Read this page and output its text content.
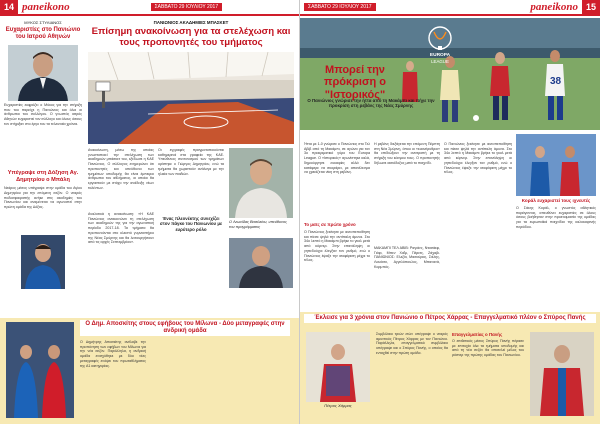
14 paneikono	ΣΑΒΒΑΤΟ 29 ΙΟΥΛΙΟΥ 2017
ΜΥΚΟΣ ΣΤΥΛΙΑΝΟΣ
Ευχαριστίες στο Πανιώνιο του Ιατρού Αθηνών
Ευχαριστίες εκφράζει ο Μύκος για την στήριξη που του παρείχε η Πανιώνιος και όλοι οι άνθρωποι του συλλόγου. Ο γνωστός ιατρός Αθηνών ευχαριστεί τον σύλλογο και όλους όσους τον στήριξαν στο έργο του τα τελευταία χρόνια.
Υπέγραψε στη Δόξηση Αγ. Δημητρίου ο Μπάλη
Νεάρος μέσος υπέγραψε στην ομάδα του Αγίου Δημητρίου για την επόμενη σεζόν. Ο νεαρός ποδοσφαιριστής ανήκε στις ακαδημίες του Πανιωνίου και αναμένεται να αγωνιστεί στην πρώτη ομάδα της Δόξας.
ΠΑΝΙΩΝΙΟΣ ΑΚΑΔΗΜΙΕΣ ΜΠΑΣΚΕΤ
Επίσημη ανακοίνωση για τα στελέχωση και τους προπονητές του τμήματος
Ανακοίνωση, μέσω της οποίας γνωστοποιεί την στελέχωση των ακαδημιών μπάσκετ του, εξέδωσε η ΚΑΕ Πανιώνιος. Ο σύλλογος ενημερώνει ότι προπονητές και υπεύθυνοι των τμημάτων υποδομής θα είναι έμπειροι άνθρωποι του αθλήματος, οι οποίοι θα εργαστούν με στόχο την ανάδειξη νέων ταλέντων.
Αναλυτικά η ανακοίνωση: «Η ΚΑΕ Πανιώνιος ανακοινώνει τη στελέχωση των ακαδημιών της για την αγωνιστική περίοδο 2017-18. Τα τμήματα θα προπονούνται στο κλειστό γυμναστήριο της Νέας Σμύρνης και θα λειτουργήσουν από τις αρχές Σεπτεμβρίου».
Οι εγγραφές πραγματοποιούνται καθημερινά στα γραφεία της ΚΑΕ. Υπεύθυνος συντονισμού των τμημάτων ορίστηκε ο Γιώργος Δημητρίου, ενώ τα τμήματα θα χωριστούν ανάλογα με την ηλικία των παιδιών.
Ένας πλεονέκτης συνεχίζει στον πάγκο του Πανιωνίου με ευρύτερο ρόλο
Ο Λεωνίδας Βασιλείου, υπεύθυνος του προγράμματος
Ο Δημ. Αποσκίτης στους εφήβους του Μίλωνα - Δύο μεταγραφές στην ανδρική ομάδα
Ο Δημήτρης Αποσκίτης ανέλαβε την προπόνηση των εφήβων του Μίλωνα για την νέα σεζόν. Παράλληλα, η ανδρική ομάδα ενισχύθηκε με δύο νέες μεταγραφές ενόψει του πρωταθλήματος της Α1 κατηγορίας.
ΣΑΒΒΑΤΟ 29 ΙΟΥΛΙΟΥ 2017	paneikono 15
38
EUROPA
LEAGUE
Μπορεί την πρόκριση ο "Ιστορικός"
Ο Πανιώνιος γνώρισε την ήττα από τη Μακάμπι και πήγε την προκρίση στη ρεβάνς της Νέας Σμύρνης
Ήττα με 1-0 γνώρισε ο Πανιώνιος στο Τελ Αβίβ από τη Μακάμπι, σε αγώνα για τον 3ο προκριματικό γύρο του Europa League. Ο «Ιστορικός» αγωνίστηκε καλά, δημιούργησε ευκαιρίες αλλά δεν κατάφερε να σκοράρει, με αποτέλεσμα να χρειάζεται νίκη στη ρεβάνς.
Το ματς σε πρώτο χρόνο
Ο Πανιώνιος ξεκίνησε με αυτοπεποίθηση και πίεσε ψηλά την αντίπαλη άμυνα. Στο 34ο λεπτό η Μακάμπι βρήκε το γκολ μετά από κόρνερ. Στην επανάληψη οι γηπεδούχοι έλεγξαν τον ρυθμό, ενώ ο Πανιώνιος έψαξε την ισοφάριση μέχρι το τέλος.
Η ρεβάνς διεξάγεται την επόμενη Πέμπτη στη Νέα Σμύρνη, όπου οι «κυανέρυθροι» θα επιδιώξουν την ανατροπή με τη στήριξη του κόσμου τους. Ο προπονητής δήλωσε αισιόδοξος μετά το παιχνίδι.
ΜΑΚΑΜΠΙ ΤΕΛ ΑΒΙΒ: Ραγιάνς, Ντασάεφ, Γιάιρ, Μπεν Χαΐμ, Πέρετς, Ζάχαβι. ΠΑΝΙΩΝΙΟΣ: Ελεζάι, Μασούρας, Σιέλης, Λουάσα, Αγγελόπουλος, Μπανανά, Κορμπός.
Ο Πανιώνιος ξεκίνησε με αυτοπεποίθηση και πίεσε ψηλά την αντίπαλη άμυνα. Στο 34ο λεπτό η Μακάμπι βρήκε το γκολ μετά από κόρνερ. Στην επανάληψη οι γηπεδούχοι έλεγξαν τον ρυθμό, ενώ ο Πανιώνιος έψαξε την ισοφάριση μέχρι το τέλος.
Κοράλ ευχαριστεί τους ιχνευτές
Ο Σάκης Κοράλ, ο γνωστός αθλητικός παράγοντας, απευθύνει ευχαριστίες σε όλους όσους βοήθησαν στην προετοιμασία της ομάδας για τα ευρωπαϊκά παιχνίδια της καλοκαιρινής περιόδου.
Έκλεισε για 3 χρόνια στον Πανιώνιο ο Πέτρος Χάρρας - Επαγγελματικό πλέον ο Σπύρος Πανής
Πέτρος Χάρρας
Συμβόλαιο τριών ετών υπέγραψε ο νεαρός αμυντικός Πέτρος Χάρρας με τον Πανιώνιο. Παράλληλα, επαγγελματικό συμβόλαιο υπέγραψε και ο Σπύρος Πανής, ο οποίος θα ενταχθεί στην πρώτη ομάδα.
Επαγγελματίας ο Πανής
Ο επιθετικός μέσος Σπύρος Πανής πέρασε με επιτυχία όλα τα τμήματα υποδομής και από τη νέα σεζόν θα αποτελεί μέλος του ρόστερ της πρώτης ομάδας του Πανιωνίου.
